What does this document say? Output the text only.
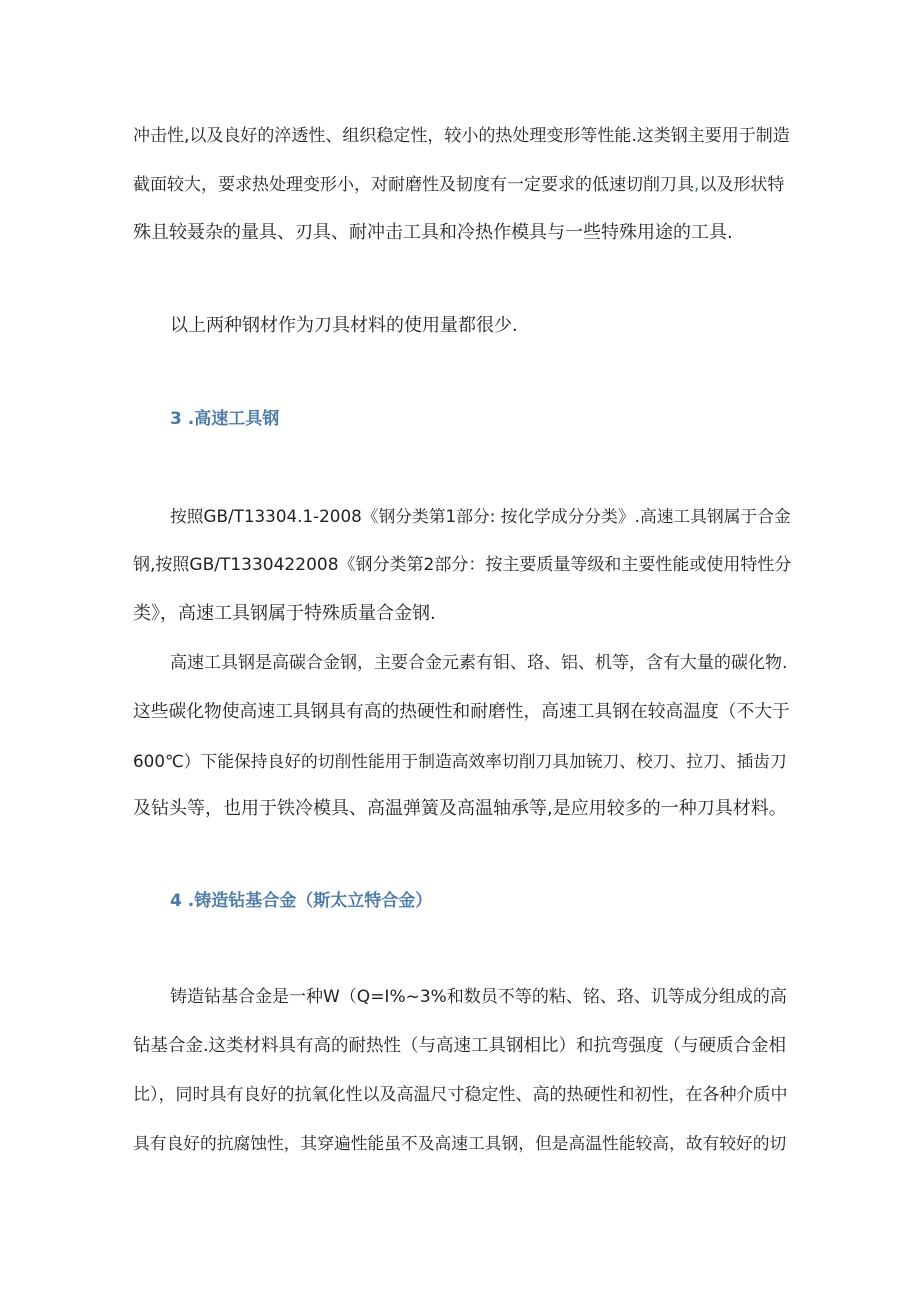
冲击性,以及良好的淬透性、组织稳定性，较小的热处理变形等性能.这类钢主要用于制造

截面较大，要求热处理变形小，对耐磨性及韧度有一定要求的低速切削刀具,以及形状特

殊且较聂杂的量具、刃具、耐冲击工具和冷热作模具与一些特殊用途的工具.

以上两种钢材作为刀具材料的使用量都很少.

3 .高速工具钢

按照GB/T13304.1-2008《钢分类第1部分: 按化学成分分类》.高速工具钢属于合金

钢,按照GB/T1330422008《钢分类第2部分：按主要质量等级和主要性能或使用特性分

类》，高速工具钢属于特殊质量合金钢.

高速工具钢是高碳合金钢，主要合金元素有钼、珞、铝、机等，含有大量的碳化物.

这些碳化物使高速工具钢具有高的热硬性和耐磨性，高速工具钢在较高温度（不大于

600℃）下能保持良好的切削性能用于制造高效率切削刀具加铳刀、校刀、拉刀、插齿刀

及钻头等，也用于铁冷模具、高温弹簧及高温轴承等,是应用较多的一种刀具材料。

4 .铸造钻基合金（斯太立特合金）

铸造钻基合金是一种W（Q=I%~3%和数员不等的粘、铭、珞、讥等成分组成的高

钻基合金.这类材料具有高的耐热性（与高速工具钢相比）和抗弯强度（与硬质合金相

比），同时具有良好的抗氧化性以及高温尺寸稳定性、高的热硬性和初性，在各种介质中

具有良好的抗腐蚀性，其穿遍性能虽不及高速工具钢，但是高温性能较高，故有较好的切
